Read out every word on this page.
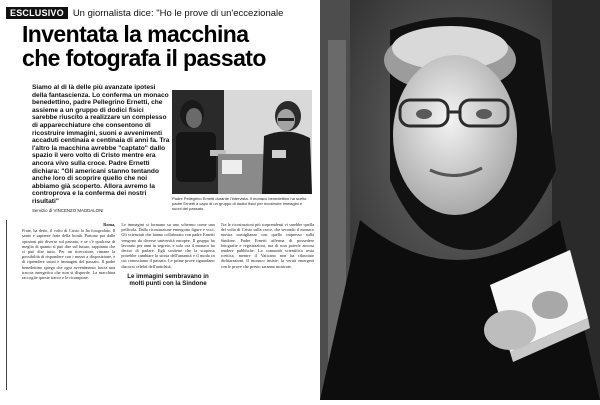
ESCLUSIVO Un giornalista dice: "Ho le prove di un'eccezionale
Inventata la macchina
che fotografa il passato
Siamo al di là delle più avanzate ipotesi della fantascienza. Lo conferma un monaco benedettino, padre Pellegrino Ernetti, che assieme a un gruppo di dodici fisici sarebbe riuscito a realizzare un complesso di apparecchiature che consentono di ricostruire immagini, suoni e avvenimenti accaduti centinaia e centinaia di anni fa. Tra l'altro la macchina avrebbe "captato" dallo spazio il vero volto di Cristo mentre era ancora vivo sulla croce. Padre Ernetti dichiara: "Gli americani stanno tentando anche loro di scoprire quello che noi abbiamo già scoperto. Allora avremo la controprova e la conferma dei nostri risultati"
Servizio di VINCENZO MADDALONI
Padre Pellegrino Ernetti durante l'intervista. Il monaco benedettino ha scelto padre Ernetti a capo di un gruppo di dodici fisici per ricostruire immagini e suoni del passato.
Roma,
Frate, ha detto, il volto di Cristo lo ha fotografato. Il santo e sapiente frate della bontà. Partono poi dalle opinioni più diverse sul passato, e se c'è qualcosa di meglio di quanto si può dire sul futuro, sappiamo che si può dire tutto. Per un ricercatore, rimane la possibilità di rispondere con i mezzi a disposizione, e di riprendere suoni e immagini del passato. Il padre benedettino spiega che ogni avvenimento lascia una traccia energetica che non si disperde. La macchina raccoglie queste tracce e le ricompone.
Le immagini si formano su uno schermo come una pellicola. Dalla ricostruzione emergono figure e voci. Gli scienziati che hanno collaborato con padre Ernetti vengono da diverse università europee. Il gruppo ha lavorato per anni in segreto, e solo ora il monaco ha deciso di parlare. Egli sostiene che la scoperta potrebbe cambiare la storia dell'umanità e il modo in cui conosciamo il passato. Le prime prove riguardano discorsi celebri dell'antichità.
Le immagini sembravano in molti punti con la Sindone
Tra le ricostruzioni più sorprendenti vi sarebbe quella del volto di Cristo sulla croce, che secondo il monaco mostra somiglianze con quello impresso sulla Sindone. Padre Ernetti afferma di possedere fotografie e registrazioni, ma di non poterle ancora rendere pubbliche. La comunità scientifica resta scettica, mentre il Vaticano non ha rilasciato dichiarazioni. Il monaco insiste: la verità emergerà con le prove che presto saranno mostrate.
